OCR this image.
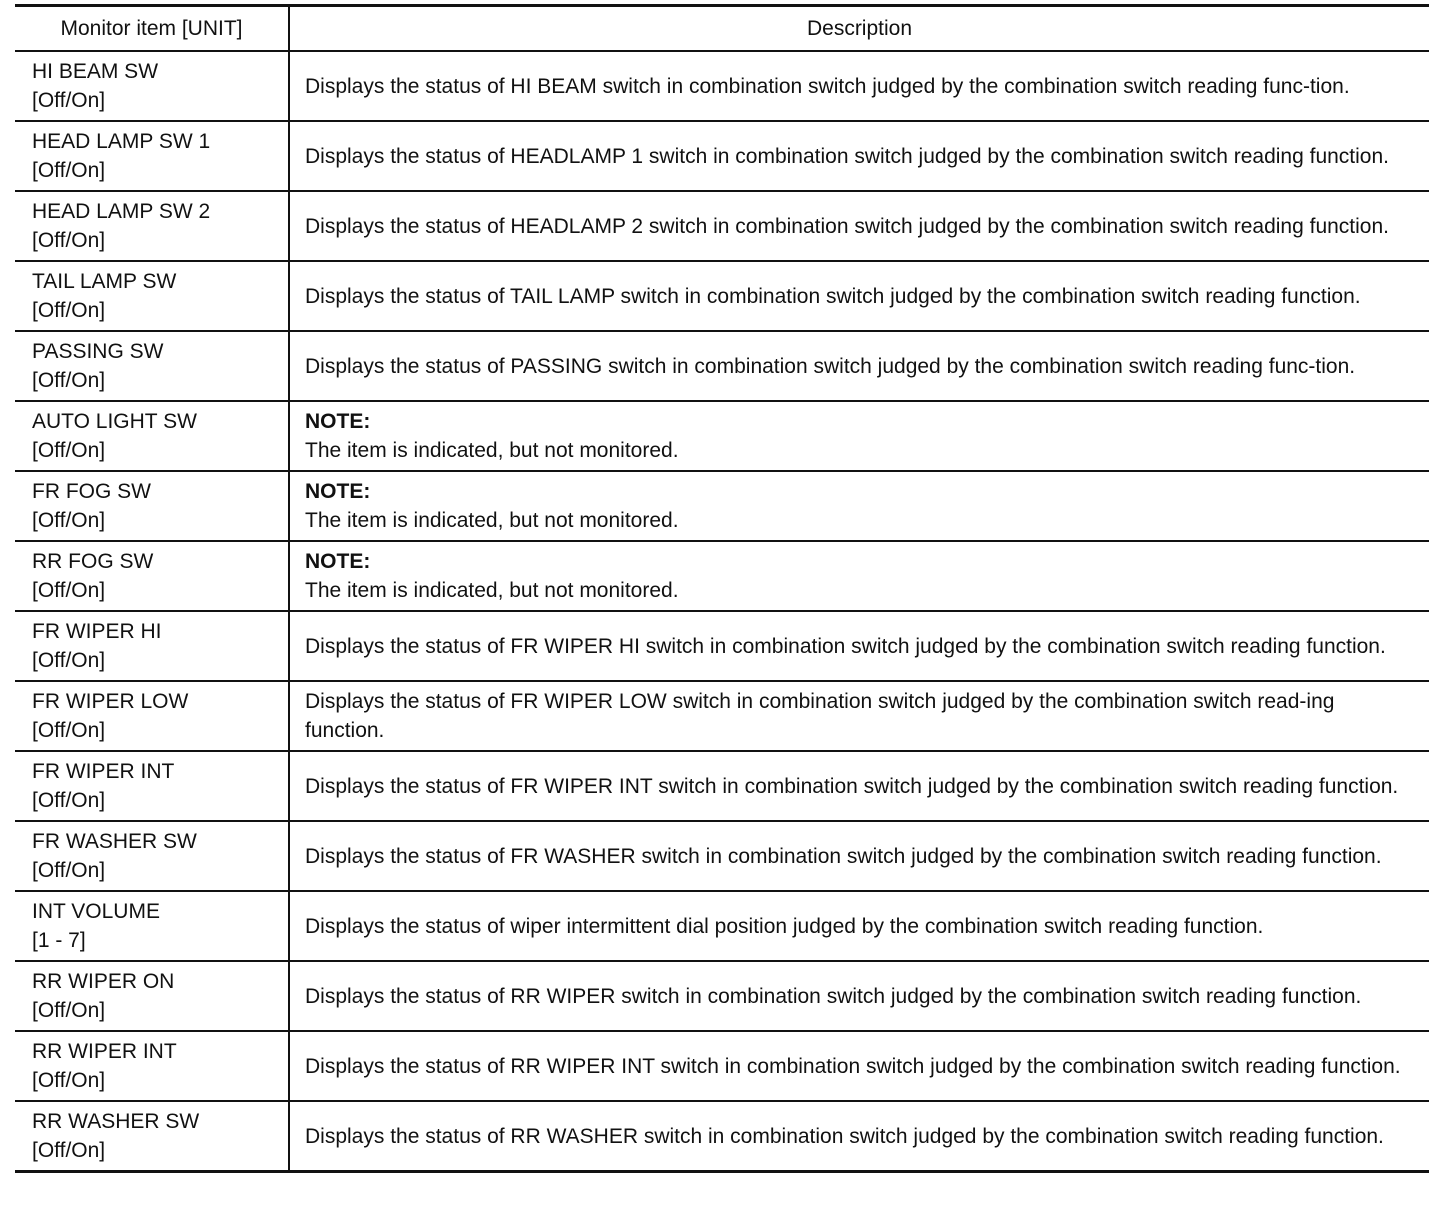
Monitor item [UNIT]	Description

HI BEAM SW
[Off/On]	Displays the status of HI BEAM switch in combination switch judged by the combination switch reading func-tion.

HEAD LAMP SW 1
[Off/On]	Displays the status of HEADLAMP 1 switch in combination switch judged by the combination switch reading function.

HEAD LAMP SW 2
[Off/On]	Displays the status of HEADLAMP 2 switch in combination switch judged by the combination switch reading function.

TAIL LAMP SW
[Off/On]	Displays the status of TAIL LAMP switch in combination switch judged by the combination switch reading function.

PASSING SW
[Off/On]	Displays the status of PASSING switch in combination switch judged by the combination switch reading func-tion.

AUTO LIGHT SW
[Off/On]	NOTE:
The item is indicated, but not monitored.

FR FOG SW
[Off/On]	NOTE:
The item is indicated, but not monitored.

RR FOG SW
[Off/On]	NOTE:
The item is indicated, but not monitored.

FR WIPER HI
[Off/On]	Displays the status of FR WIPER HI switch in combination switch judged by the combination switch reading function.

FR WIPER LOW
[Off/On]	Displays the status of FR WIPER LOW switch in combination switch judged by the combination switch read-ing function.

FR WIPER INT
[Off/On]	Displays the status of FR WIPER INT switch in combination switch judged by the combination switch reading function.

FR WASHER SW
[Off/On]	Displays the status of FR WASHER switch in combination switch judged by the combination switch reading function.

INT VOLUME
[1 - 7]	Displays the status of wiper intermittent dial position judged by the combination switch reading function.

RR WIPER ON
[Off/On]	Displays the status of RR WIPER switch in combination switch judged by the combination switch reading function.

RR WIPER INT
[Off/On]	Displays the status of RR WIPER INT switch in combination switch judged by the combination switch reading function.

RR WASHER SW
[Off/On]	Displays the status of RR WASHER switch in combination switch judged by the combination switch reading function.
